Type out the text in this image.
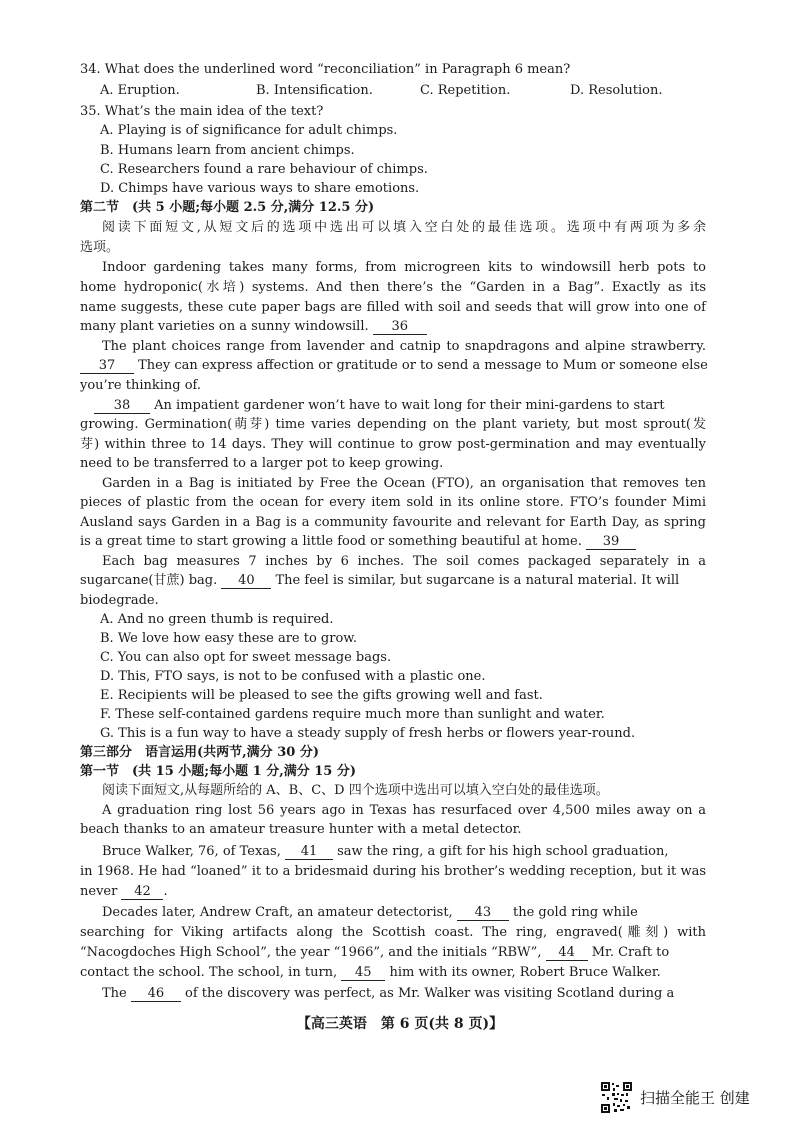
34. What does the underlined word “reconciliation” in Paragraph 6 mean?
A. Eruption.	B. Intensification.	C. Repetition.	D. Resolution.
35. What’s the main idea of the text?
A. Playing is of significance for adult chimps.
B. Humans learn from ancient chimps.
C. Researchers found a rare behaviour of chimps.
D. Chimps have various ways to share emotions.
第二节　(共 5 小题;每小题 2.5 分,满分 12.5 分)
阅读下面短文,从短文后的选项中选出可以填入空白处的最佳选项。选项中有两项为多余
选项。
Indoor gardening takes many forms, from microgreen kits to windowsill herb pots to
home hydroponic(水培) systems. And then there’s the “Garden in a Bag”. Exactly as its
name suggests, these cute paper bags are filled with soil and seeds that will grow into one of
many plant varieties on a sunny windowsill. 36
The plant choices range from lavender and catnip to snapdragons and alpine strawberry.
37 They can express affection or gratitude or to send a message to Mum or someone else
you’re thinking of.
38 An impatient gardener won’t have to wait long for their mini-gardens to start
growing. Germination(萌芽) time varies depending on the plant variety, but most sprout(发
芽) within three to 14 days. They will continue to grow post-germination and may eventually
need to be transferred to a larger pot to keep growing.
Garden in a Bag is initiated by Free the Ocean (FTO), an organisation that removes ten
pieces of plastic from the ocean for every item sold in its online store. FTO’s founder Mimi
Ausland says Garden in a Bag is a community favourite and relevant for Earth Day, as spring
is a great time to start growing a little food or something beautiful at home. 39
Each bag measures 7 inches by 6 inches. The soil comes packaged separately in a
sugarcane(甘蔗) bag. 40 The feel is similar, but sugarcane is a natural material. It will
biodegrade.
A. And no green thumb is required.
B. We love how easy these are to grow.
C. You can also opt for sweet message bags.
D. This, FTO says, is not to be confused with a plastic one.
E. Recipients will be pleased to see the gifts growing well and fast.
F. These self-contained gardens require much more than sunlight and water.
G. This is a fun way to have a steady supply of fresh herbs or flowers year-round.
第三部分　语言运用(共两节,满分 30 分)
第一节　(共 15 小题;每小题 1 分,满分 15 分)
阅读下面短文,从每题所给的 A、B、C、D 四个选项中选出可以填入空白处的最佳选项。
A graduation ring lost 56 years ago in Texas has resurfaced over 4,500 miles away on a
beach thanks to an amateur treasure hunter with a metal detector.
Bruce Walker, 76, of Texas, 41 saw the ring, a gift for his high school graduation,
in 1968. He had “loaned” it to a bridesmaid during his brother’s wedding reception, but it was
never 42 .
Decades later, Andrew Craft, an amateur detectorist, 43 the gold ring while
searching for Viking artifacts along the Scottish coast. The ring, engraved(雕刻) with
“Nacogdoches High School”, the year “1966”, and the initials “RBW”, 44 Mr. Craft to
contact the school. The school, in turn, 45 him with its owner, Robert Bruce Walker.
The 46 of the discovery was perfect, as Mr. Walker was visiting Scotland during a
【高三英语　第 6 页(共 8 页)】
扫描全能王 创建
